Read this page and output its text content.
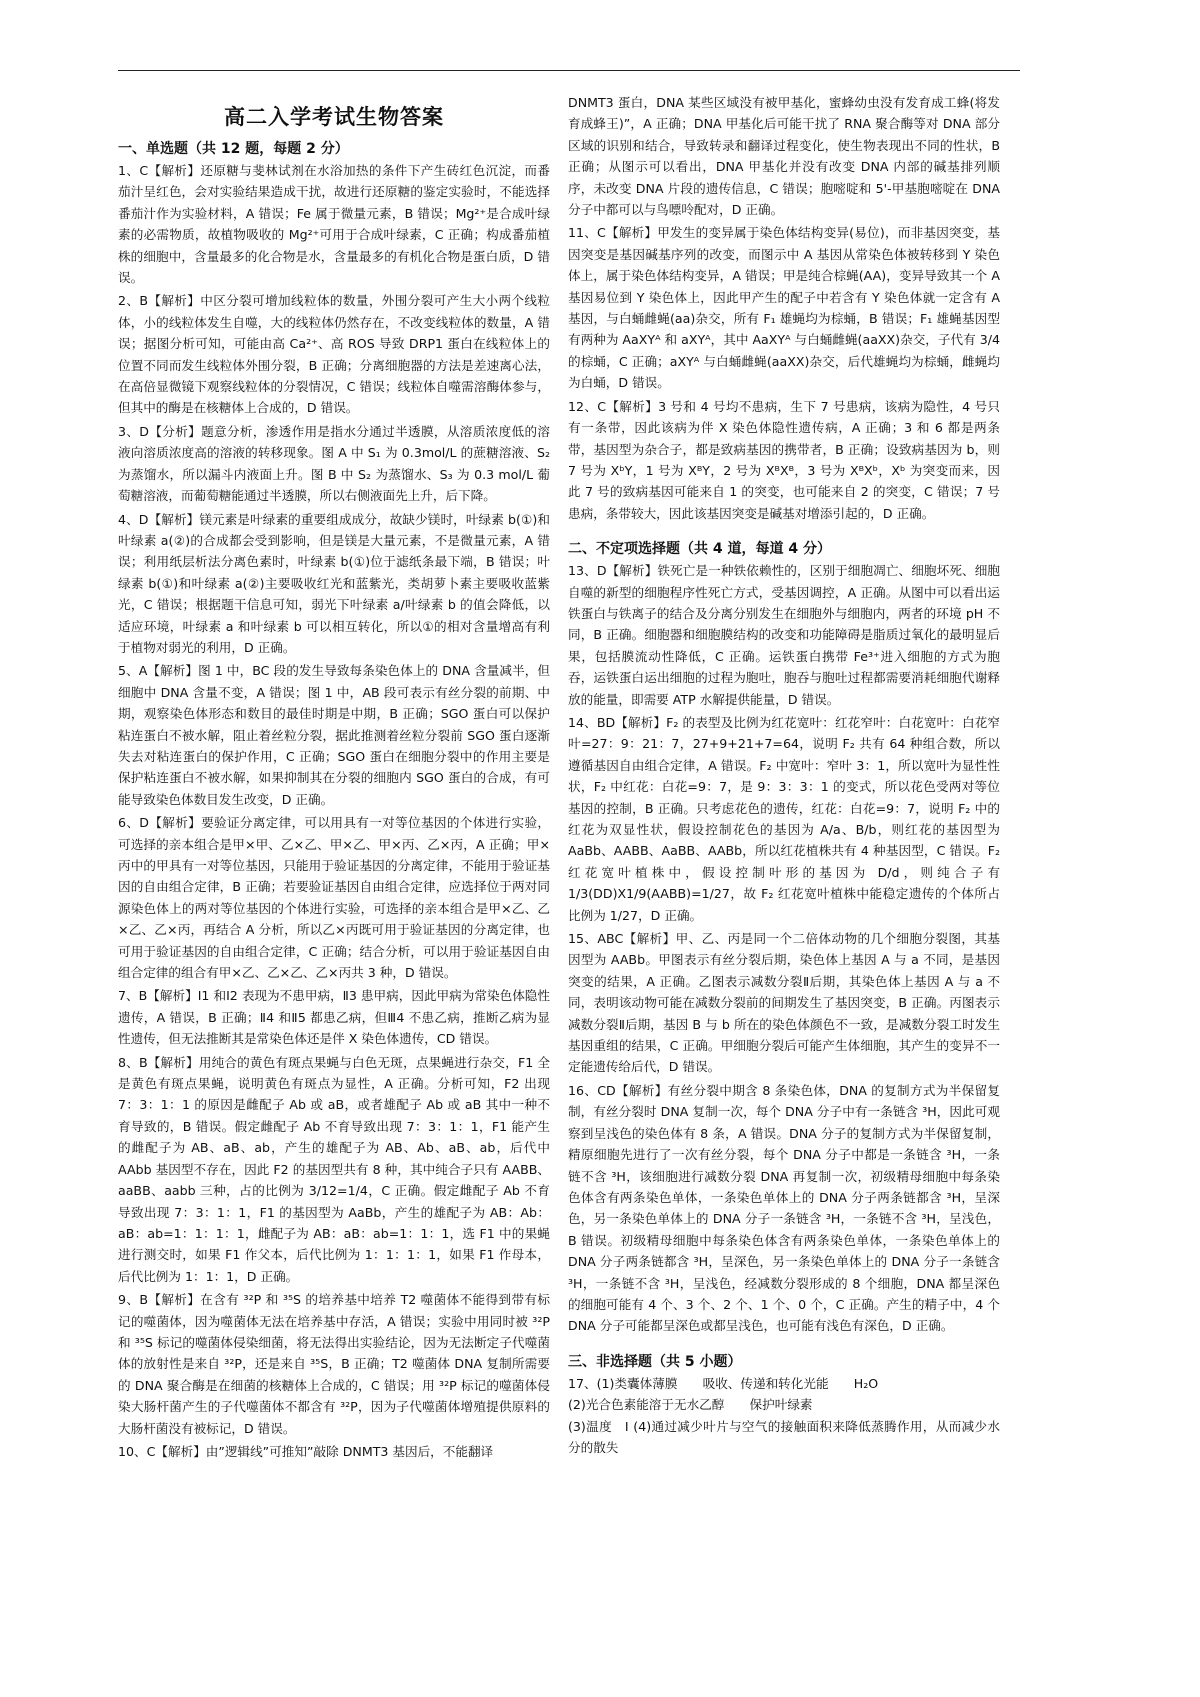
高二入学考试生物答案
一、单选题（共 12 题，每题 2 分）
1、C【解析】还原糖与斐林试剂在水浴加热的条件下产生砖红色沉淀，而番茄汁呈红色，会对实验结果造成干扰，故进行还原糖的鉴定实验时，不能选择番茄汁作为实验材料，A 错误；Fe 属于微量元素，B 错误；Mg²⁺是合成叶绿素的必需物质，故植物吸收的 Mg²⁺可用于合成叶绿素，C 正确；构成番茄植株的细胞中，含量最多的化合物是水，含量最多的有机化合物是蛋白质，D 错误。
2、B【解析】中区分裂可增加线粒体的数量，外围分裂可产生大小两个线粒体，小的线粒体发生自噬，大的线粒体仍然存在，不改变线粒体的数量，A 错误；据图分析可知，可能由高 Ca²⁺、高 ROS 导致 DRP1 蛋白在线粒体上的位置不同而发生线粒体外围分裂，B 正确；分离细胞器的方法是差速离心法，在高倍显微镜下观察线粒体的分裂情况，C 错误；线粒体自噬需溶酶体参与，但其中的酶是在核糖体上合成的，D 错误。
3、D【分析】题意分析，渗透作用是指水分通过半透膜，从溶质浓度低的溶液向溶质浓度高的溶液的转移现象。图 A 中 S₁ 为 0.3mol/L 的蔗糖溶液、S₂ 为蒸馏水，所以漏斗内液面上升。图 B 中 S₂ 为蒸馏水、S₃ 为 0.3 mol/L 葡萄糖溶液，而葡萄糖能通过半透膜，所以右侧液面先上升，后下降。
4、D【解析】镁元素是叶绿素的重要组成成分，故缺少镁时，叶绿素 b(①)和叶绿素 a(②)的合成都会受到影响，但是镁是大量元素，不是微量元素，A 错误；利用纸层析法分离色素时，叶绿素 b(①)位于滤纸条最下端，B 错误；叶绿素 b(①)和叶绿素 a(②)主要吸收红光和蓝紫光，类胡萝卜素主要吸收蓝紫光，C 错误；根据题干信息可知，弱光下叶绿素 a/叶绿素 b 的值会降低，以适应环境，叶绿素 a 和叶绿素 b 可以相互转化，所以①的相对含量增高有利于植物对弱光的利用，D 正确。
5、A【解析】图 1 中，BC 段的发生导致每条染色体上的 DNA 含量减半，但细胞中 DNA 含量不变，A 错误；图 1 中，AB 段可表示有丝分裂的前期、中期，观察染色体形态和数目的最佳时期是中期，B 正确；SGO 蛋白可以保护粘连蛋白不被水解，阻止着丝粒分裂，据此推测着丝粒分裂前 SGO 蛋白逐渐失去对粘连蛋白的保护作用，C 正确；SGO 蛋白在细胞分裂中的作用主要是保护粘连蛋白不被水解，如果抑制其在分裂的细胞内 SGO 蛋白的合成，有可能导致染色体数目发生改变，D 正确。
6、D【解析】要验证分离定律，可以用具有一对等位基因的个体进行实验，可选择的亲本组合是甲×甲、乙×乙、甲×乙、甲×丙、乙×丙，A 正确；甲×丙中的甲具有一对等位基因，只能用于验证基因的分离定律，不能用于验证基因的自由组合定律，B 正确；若要验证基因自由组合定律，应选择位于两对同源染色体上的两对等位基因的个体进行实验，可选择的亲本组合是甲×乙、乙×乙、乙×丙，再结合 A 分析，所以乙×丙既可用于验证基因的分离定律，也可用于验证基因的自由组合定律，C 正确；结合分析，可以用于验证基因自由组合定律的组合有甲×乙、乙×乙、乙×丙共 3 种，D 错误。
7、B【解析】Ⅰ1 和Ⅰ2 表现为不患甲病，Ⅱ3 患甲病，因此甲病为常染色体隐性遗传，A 错误，B 正确；Ⅱ4 和Ⅱ5 都患乙病，但Ⅲ4 不患乙病，推断乙病为显性遗传，但无法推断其是常染色体还是伴 X 染色体遗传，CD 错误。
8、B【解析】用纯合的黄色有斑点果蝇与白色无斑，点果蝇进行杂交，F1 全是黄色有斑点果蝇，说明黄色有斑点为显性，A 正确。分析可知，F2 出现 7：3：1：1 的原因是雌配子 Ab 或 aB，或者雄配子 Ab 或 aB 其中一种不育导致的，B 错误。假定雌配子 Ab 不育导致出现 7：3：1：1，F1 能产生的雌配子为 AB、aB、ab，产生的雄配子为 AB、Ab、aB、ab，后代中 AAbb 基因型不存在，因此 F2 的基因型共有 8 种，其中纯合子只有 AABB、aaBB、aabb 三种，占的比例为 3/12=1/4，C 正确。假定雌配子 Ab 不育导致出现 7：3：1：1，F1 的基因型为 AaBb，产生的雄配子为 AB：Ab：aB：ab=1：1：1：1，雌配子为 AB：aB：ab=1：1：1，选 F1 中的果蝇进行测交时，如果 F1 作父本，后代比例为 1：1：1：1，如果 F1 作母本，后代比例为 1：1：1，D 正确。
9、B【解析】在含有 ³²P 和 ³⁵S 的培养基中培养 T2 噬菌体不能得到带有标记的噬菌体，因为噬菌体无法在培养基中存活，A 错误；实验中用同时被 ³²P 和 ³⁵S 标记的噬菌体侵染细菌，将无法得出实验结论，因为无法断定子代噬菌体的放射性是来自 ³²P，还是来自 ³⁵S，B 正确；T2 噬菌体 DNA 复制所需要的 DNA 聚合酶是在细菌的核糖体上合成的，C 错误；用 ³²P 标记的噬菌体侵染大肠杆菌产生的子代噬菌体不都含有 ³²P，因为子代噬菌体增殖提供原料的大肠杆菌没有被标记，D 错误。
10、C【解析】由”逻辑线”可推知”敲除 DNMT3 基因后，不能翻译
DNMT3 蛋白，DNA 某些区域没有被甲基化，蜜蜂幼虫没有发育成工蜂(将发育成蜂王)”，A 正确；DNA 甲基化后可能干扰了 RNA 聚合酶等对 DNA 部分区域的识别和结合，导致转录和翻译过程变化，使生物表现出不同的性状，B 正确；从图示可以看出，DNA 甲基化并没有改变 DNA 内部的碱基排列顺序，未改变 DNA 片段的遗传信息，C 错误；胞嘧啶和 5'-甲基胞嘧啶在 DNA 分子中都可以与鸟嘌呤配对，D 正确。
11、C【解析】甲发生的变异属于染色体结构变异(易位)，而非基因突变，基因突变是基因碱基序列的改变，而图示中 A 基因从常染色体被转移到 Y 染色体上，属于染色体结构变异，A 错误；甲是纯合棕蝇(AA)，变异导致其一个 A 基因易位到 Y 染色体上，因此甲产生的配子中若含有 Y 染色体就一定含有 A 基因，与白蛹雌蝇(aa)杂交，所有 F₁ 雄蝇均为棕蛹，B 错误；F₁ 雄蝇基因型有两种为 AaXYᴬ 和 aXYᴬ，其中 AaXYᴬ 与白蛹雌蝇(aaXX)杂交，子代有 3/4 的棕蛹，C 正确；aXYᴬ 与白蛹雌蝇(aaXX)杂交，后代雄蝇均为棕蛹，雌蝇均为白蛹，D 错误。
12、C【解析】3 号和 4 号均不患病，生下 7 号患病，该病为隐性，4 号只有一条带，因此该病为伴 X 染色体隐性遗传病，A 正确；3 和 6 都是两条带，基因型为杂合子，都是致病基因的携带者，B 正确；设致病基因为 b，则 7 号为 XᵇY，1 号为 XᴮY，2 号为 XᴮXᴮ，3 号为 XᴮXᵇ，Xᵇ 为突变而来，因此 7 号的致病基因可能来自 1 的突变，也可能来自 2 的突变，C 错误；7 号患病，条带较大，因此该基因突变是碱基对增添引起的，D 正确。
二、不定项选择题（共 4 道，每道 4 分）
13、D【解析】铁死亡是一种铁依赖性的，区别于细胞凋亡、细胞坏死、细胞自噬的新型的细胞程序性死亡方式，受基因调控，A 正确。从图中可以看出运铁蛋白与铁离子的结合及分离分别发生在细胞外与细胞内，两者的环境 pH 不同，B 正确。细胞器和细胞膜结构的改变和功能障碍是脂质过氧化的最明显后果，包括膜流动性降低，C 正确。运铁蛋白携带 Fe³⁺进入细胞的方式为胞吞，运铁蛋白运出细胞的过程为胞吐，胞吞与胞吐过程都需要消耗细胞代谢释放的能量，即需要 ATP 水解提供能量，D 错误。
14、BD【解析】F₂ 的表型及比例为红花宽叶：红花窄叶：白花宽叶：白花窄叶=27：9：21：7，27+9+21+7=64，说明 F₂ 共有 64 种组合数，所以遵循基因自由组合定律，A 错误。F₂ 中宽叶：窄叶 3：1，所以宽叶为显性性状，F₂ 中红花：白花=9：7，是 9：3：3：1 的变式，所以花色受两对等位基因的控制，B 正确。只考虑花色的遗传，红花：白花=9：7，说明 F₂ 中的红花为双显性状，假设控制花色的基因为 A/a、B/b，则红花的基因型为 AaBb、AABB、AaBB、AABb，所以红花植株共有 4 种基因型，C 错误。F₂ 红花宽叶植株中，假设控制叶形的基因为 D/d，则纯合子有 1/3(DD)X1/9(AABB)=1/27，故 F₂ 红花宽叶植株中能稳定遗传的个体所占比例为 1/27，D 正确。
15、ABC【解析】甲、乙、丙是同一个二倍体动物的几个细胞分裂图，其基因型为 AABb。甲图表示有丝分裂后期，染色体上基因 A 与 a 不同，是基因突变的结果，A 正确。乙图表示减数分裂Ⅱ后期，其染色体上基因 A 与 a 不同，表明该动物可能在减数分裂前的间期发生了基因突变，B 正确。丙图表示减数分裂Ⅱ后期，基因 B 与 b 所在的染色体颜色不一致，是减数分裂工时发生基因重组的结果，C 正确。甲细胞分裂后可能产生体细胞，其产生的变异不一定能遗传给后代，D 错误。
16、CD【解析】有丝分裂中期含 8 条染色体，DNA 的复制方式为半保留复制，有丝分裂时 DNA 复制一次，每个 DNA 分子中有一条链含 ³H，因此可观察到呈浅色的染色体有 8 条，A 错误。DNA 分子的复制方式为半保留复制，精原细胞先进行了一次有丝分裂，每个 DNA 分子中都是一条链含 ³H，一条链不含 ³H，该细胞进行减数分裂 DNA 再复制一次，初级精母细胞中每条染色体含有两条染色单体，一条染色单体上的 DNA 分子两条链都含 ³H，呈深色，另一条染色单体上的 DNA 分子一条链含 ³H，一条链不含 ³H，呈浅色，B 错误。初级精母细胞中每条染色体含有两条染色单体，一条染色单体上的 DNA 分子两条链都含 ³H，呈深色，另一条染色单体上的 DNA 分子一条链含 ³H，一条链不含 ³H，呈浅色，经减数分裂形成的 8 个细胞，DNA 都呈深色的细胞可能有 4 个、3 个、2 个、1 个、0 个，C 正确。产生的精子中，4 个 DNA 分子可能都呈深色或都呈浅色，也可能有浅色有深色，D 正确。
三、非选择题（共 5 小题）
17、(1)类囊体薄膜　　吸收、传递和转化光能　　H₂O
(2)光合色素能溶于无水乙醇　　保护叶绿素
(3)温度　Ⅰ (4)通过减少叶片与空气的接触面积来降低蒸腾作用，从而减少水分的散失
